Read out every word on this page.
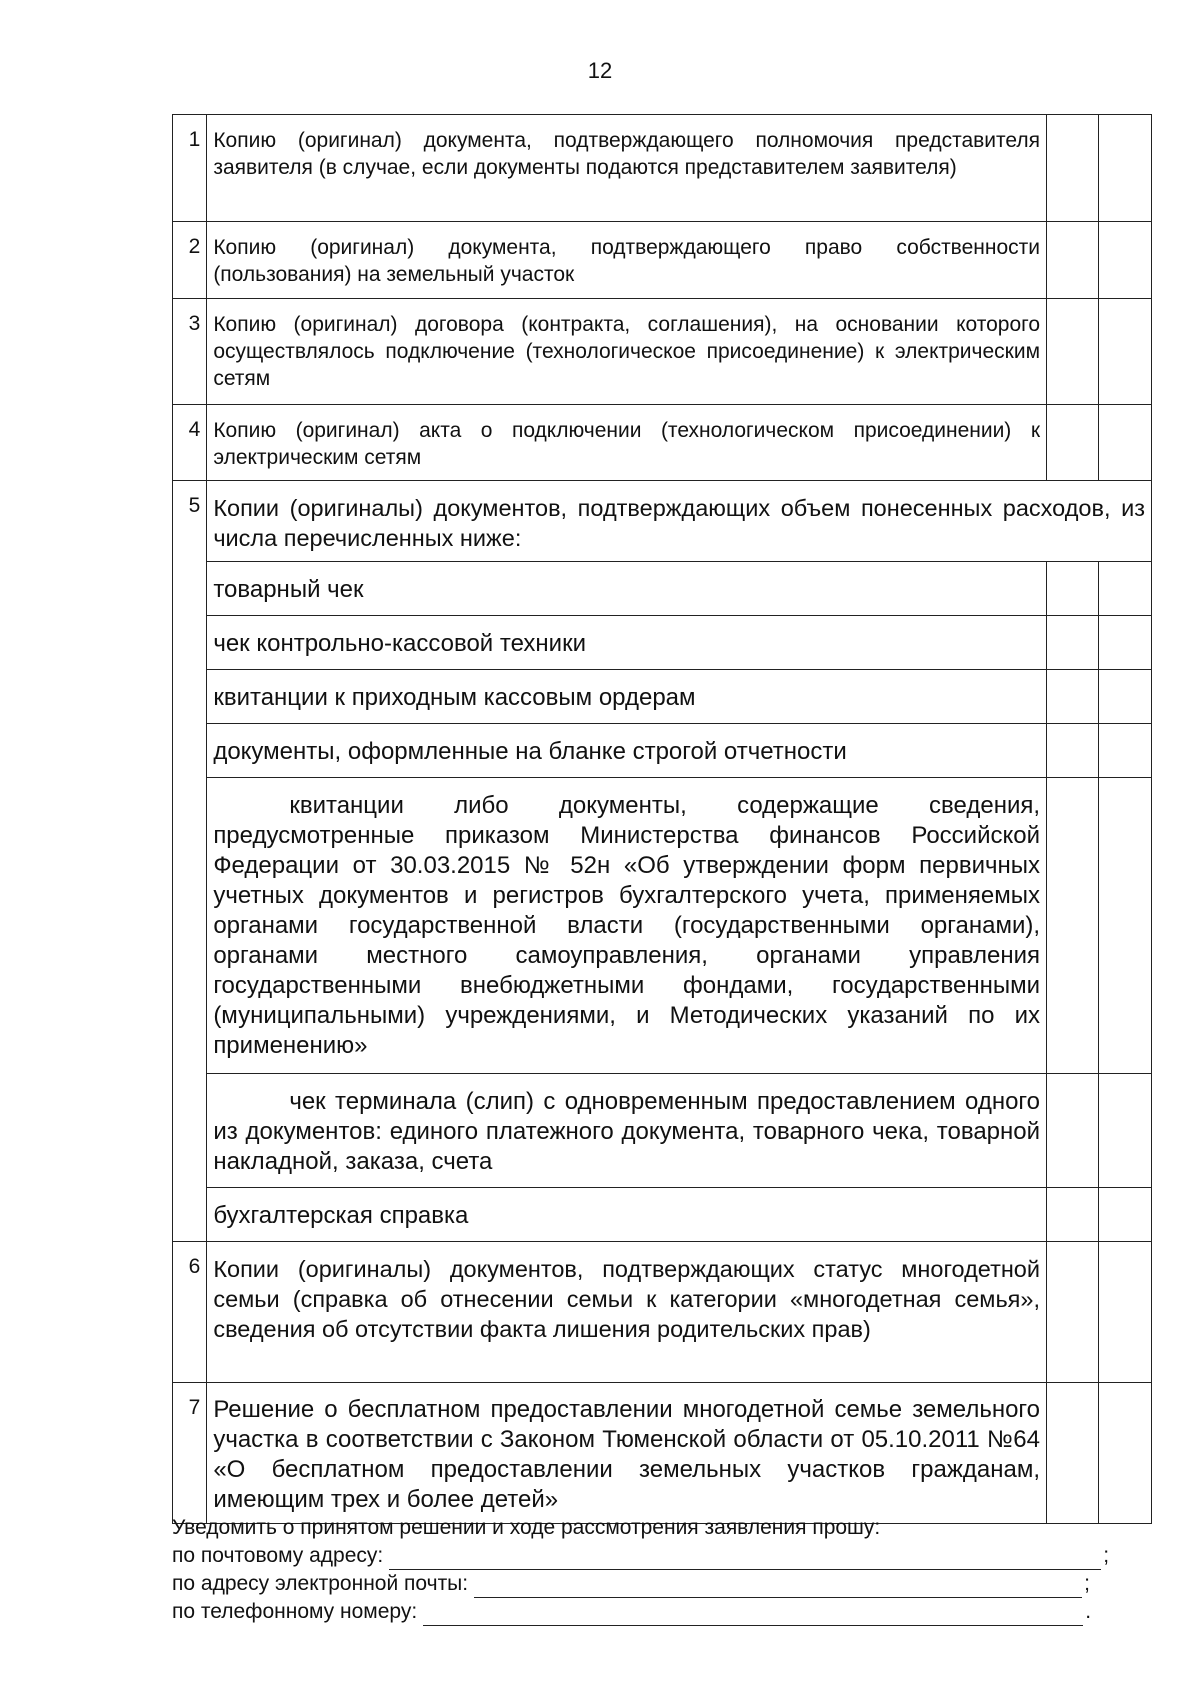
12
1	Копию (оригинал) документа, подтверждающего полномочия представителя заявителя (в случае, если документы подаются представителем заявителя)		
2	Копию (оригинал) документа, подтверждающего право собственности (пользования) на земельный участок		
3	Копию (оригинал) договора (контракта, соглашения), на основании которого осуществлялось подключение (технологическое присоединение) к электрическим сетям		
4	Копию (оригинал) акта о подключении (технологическом присоединении) к электрическим сетям		
5	Копии (оригиналы) документов, подтверждающих объем понесенных расходов, из числа перечисленных ниже:		
	товарный чек		
	чек контрольно-кассовой техники		
	квитанции к приходным кассовым ордерам		
	документы, оформленные на бланке строгой отчетности		
	квитанции либо документы, содержащие сведения, предусмотренные приказом Министерства финансов Российской Федерации от 30.03.2015 № 52н «Об утверждении форм первичных учетных документов и регистров бухгалтерского учета, применяемых органами государственной власти (государственными органами), органами местного самоуправления, органами управления государственными внебюджетными фондами, государственными (муниципальными) учреждениями, и Методических указаний по их применению»		
	чек терминала (слип) с одновременным предоставлением одного из документов: единого платежного документа, товарного чека, товарной накладной, заказа, счета		
	бухгалтерская справка		
6	Копии (оригиналы) документов, подтверждающих статус многодетной семьи (справка об отнесении семьи к категории «многодетная семья», сведения об отсутствии факта лишения родительских прав)		
7	Решение о бесплатном предоставлении многодетной семье земельного участка в соответствии с Законом Тюменской области от 05.10.2011 №64 «О бесплатном предоставлении земельных участков гражданам, имеющим трех и более детей»		
Уведомить о принятом решении и ходе рассмотрения заявления прошу:
по почтовому адресу:	;
по адресу электронной почты:	;
по телефонному номеру:	.
